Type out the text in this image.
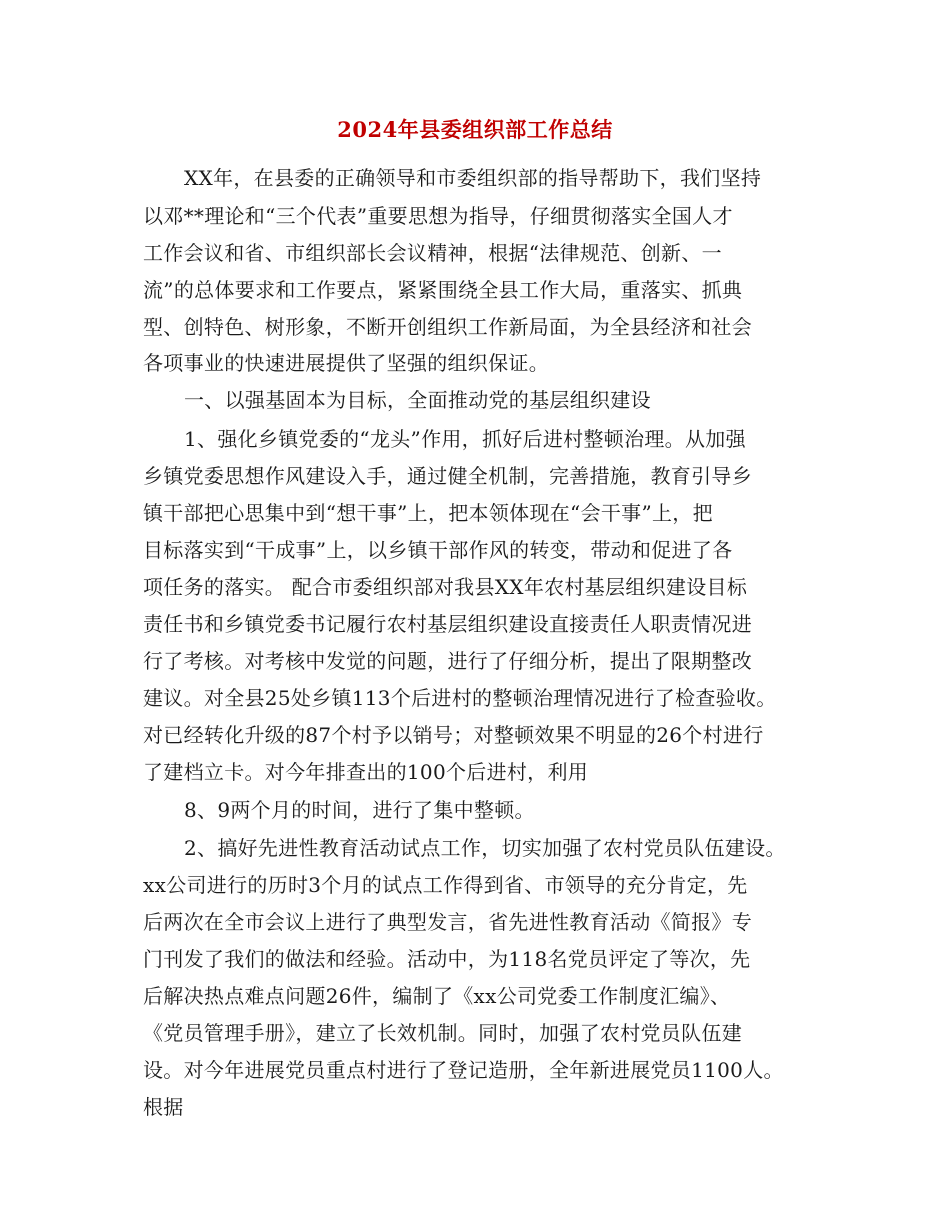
2024年县委组织部工作总结
XX年，在县委的正确领导和市委组织部的指导帮助下，我们坚持
以邓**理论和“三个代表”重要思想为指导，仔细贯彻落实全国人才
工作会议和省、市组织部长会议精神，根据“法律规范、创新、一
流”的总体要求和工作要点，紧紧围绕全县工作大局，重落实、抓典
型、创特色、树形象，不断开创组织工作新局面，为全县经济和社会
各项事业的快速进展提供了坚强的组织保证。
一、以强基固本为目标，全面推动党的基层组织建设
1、强化乡镇党委的“龙头”作用，抓好后进村整顿治理。从加强
乡镇党委思想作风建设入手，通过健全机制，完善措施，教育引导乡
镇干部把心思集中到“想干事”上，把本领体现在“会干事”上，把
目标落实到“干成事”上，以乡镇干部作风的转变，带动和促进了各
项任务的落实。 配合市委组织部对我县XX年农村基层组织建设目标
责任书和乡镇党委书记履行农村基层组织建设直接责任人职责情况进
行了考核。对考核中发觉的问题，进行了仔细分析，提出了限期整改
建议。对全县25处乡镇113个后进村的整顿治理情况进行了检查验收。
对已经转化升级的87个村予以销号；对整顿效果不明显的26个村进行
了建档立卡。对今年排查出的100个后进村，利用
8、9两个月的时间，进行了集中整顿。
2、搞好先进性教育活动试点工作，切实加强了农村党员队伍建设。
xx公司进行的历时3个月的试点工作得到省、市领导的充分肯定，先
后两次在全市会议上进行了典型发言，省先进性教育活动《简报》专
门刊发了我们的做法和经验。活动中，为118名党员评定了等次，先
后解决热点难点问题26件，编制了《xx公司党委工作制度汇编》、
《党员管理手册》，建立了长效机制。同时，加强了农村党员队伍建
设。对今年进展党员重点村进行了登记造册，全年新进展党员1100人。
根据
